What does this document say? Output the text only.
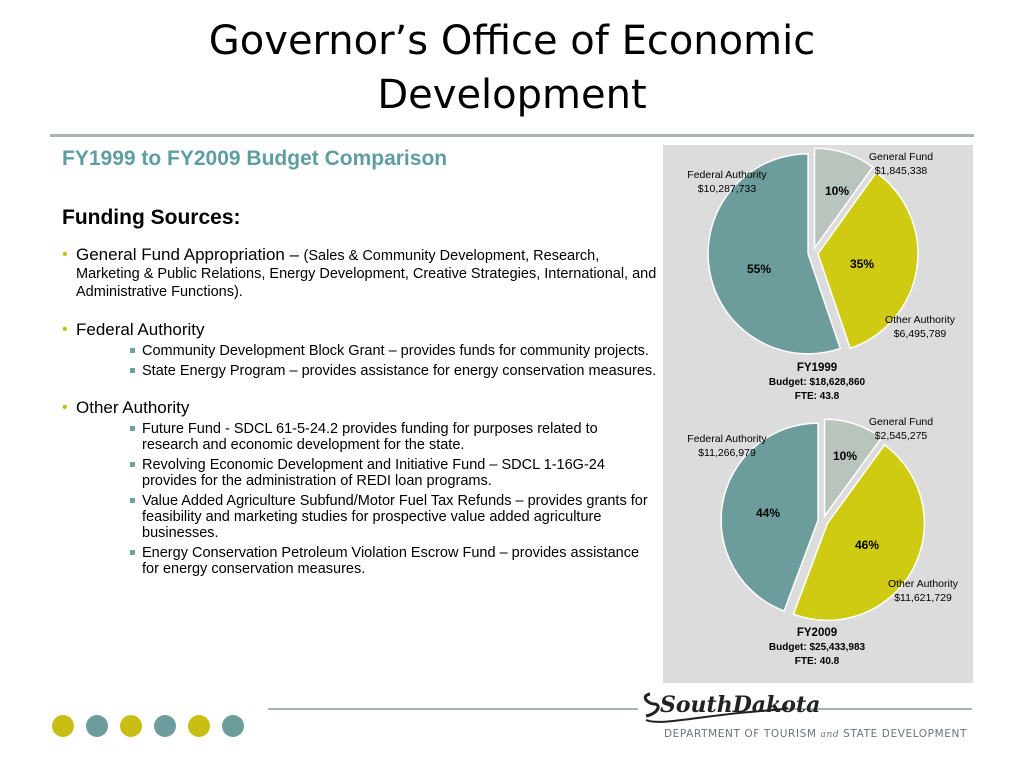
Governor’s Office of Economic
Development
FY1999 to FY2009 Budget Comparison
Funding Sources:
• General Fund Appropriation – (Sales & Community Development, Research, Marketing & Public Relations, Energy Development, Creative Strategies, International, and Administrative Functions).
• Federal Authority
Community Development Block Grant – provides funds for community projects.
State Energy Program – provides assistance for energy conservation measures.
• Other Authority
Future Fund - SDCL 61-5-24.2 provides funding for purposes related to research and economic development for the state.
Revolving Economic Development and Initiative Fund – SDCL 1-16G-24 provides for the administration of REDI loan programs.
Value Added Agriculture Subfund/Motor Fuel Tax Refunds – provides grants for feasibility and marketing studies for prospective value added agriculture businesses.
Energy Conservation Petroleum Violation Escrow Fund – provides assistance for energy conservation measures.
10%
35%
55%
General Fund
$1,845,338
Other Authority
$6,495,789
Federal Authority
$10,287,733
FY1999
Budget: $18,628,860
FTE: 43.8
10%
46%
44%
General Fund
$2,545,275
Other Authority
$11,621,729
Federal Authority
$11,266,979
FY2009
Budget: $25,433,983
FTE: 40.8
SouthDakota
DEPARTMENT OF TOURISM and STATE DEVELOPMENT
